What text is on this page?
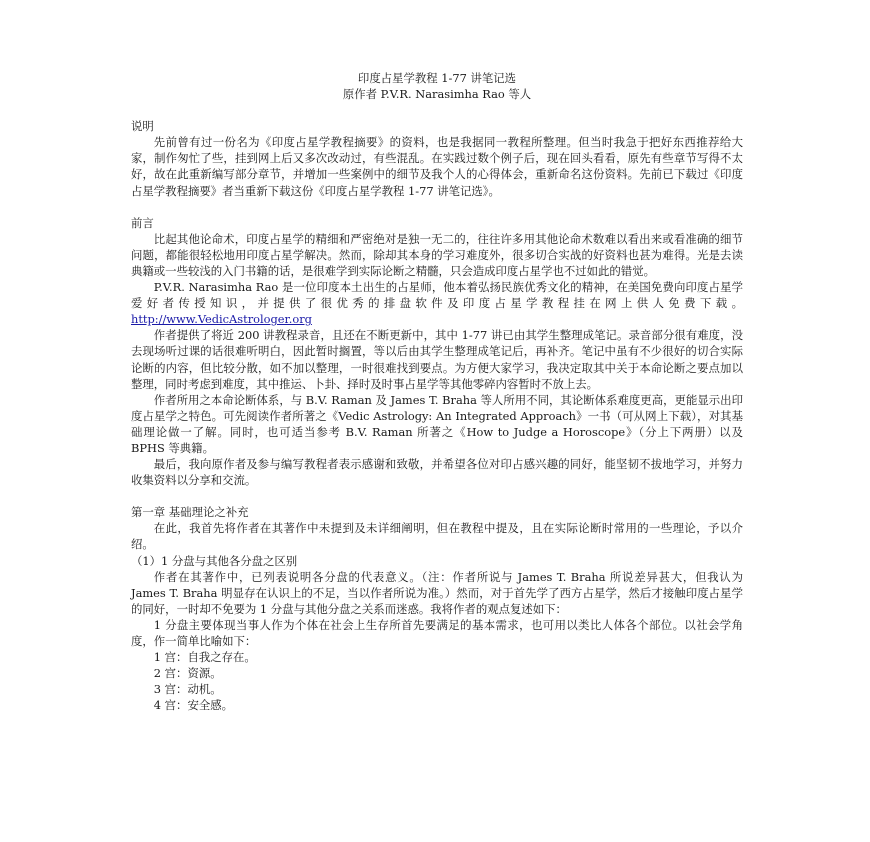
印度占星学教程 1-77 讲笔记选
原作者 P.V.R. Narasimha Rao 等人
说明

先前曾有过一份名为《印度占星学教程摘要》的资料，也是我据同一教程所整理。但当时我急于把好东西推荐给大家，制作匆忙了些，挂到网上后又多次改动过，有些混乱。在实践过数个例子后，现在回头看看，原先有些章节写得不太好，故在此重新编写部分章节，并增加一些案例中的细节及我个人的心得体会，重新命名这份资料。先前已下载过《印度占星学教程摘要》者当重新下载这份《印度占星学教程 1-77 讲笔记选》。

前言

比起其他论命术，印度占星学的精细和严密绝对是独一无二的，往往许多用其他论命术数难以看出来或看准确的细节问题，都能很轻松地用印度占星学解决。然而，除却其本身的学习难度外，很多切合实战的好资料也甚为难得。光是去读典籍或一些较浅的入门书籍的话，是很难学到实际论断之精髓，只会造成印度占星学也不过如此的错觉。

P.V.R. Narasimha Rao 是一位印度本土出生的占星师，他本着弘扬民族优秀文化的精神，在美国免费向印度占星学爱好者传授知识，并提供了很优秀的排盘软件及印度占星学教程挂在网上供人免费下载。http://www.VedicAstrologer.org

作者提供了将近 200 讲教程录音，且还在不断更新中，其中 1-77 讲已由其学生整理成笔记。录音部分很有难度，没去现场听过课的话很难听明白，因此暂时搁置，等以后由其学生整理成笔记后，再补齐。笔记中虽有不少很好的切合实际论断的内容，但比较分散，如不加以整理，一时很难找到要点。为方便大家学习，我决定取其中关于本命论断之要点加以整理，同时考虑到难度，其中推运、卜卦、择时及时事占星学等其他零碎内容暂时不放上去。

作者所用之本命论断体系，与 B.V. Raman 及 James T. Braha 等人所用不同，其论断体系难度更高，更能显示出印度占星学之特色。可先阅读作者所著之《Vedic Astrology: An Integrated Approach》一书（可从网上下载），对其基础理论做一了解。同时，也可适当参考 B.V. Raman 所著之《How to Judge a Horoscope》（分上下两册）以及 BPHS 等典籍。

最后，我向原作者及参与编写教程者表示感谢和致敬，并希望各位对印占感兴趣的同好，能坚韧不拔地学习，并努力收集资料以分享和交流。

第一章 基础理论之补充

在此，我首先将作者在其著作中未提到及未详细阐明，但在教程中提及，且在实际论断时常用的一些理论，予以介绍。

（1）1 分盘与其他各分盘之区别

作者在其著作中，已列表说明各分盘的代表意义。（注：作者所说与 James T. Braha 所说差异甚大，但我认为 James T. Braha 明显存在认识上的不足，当以作者所说为准。）然而，对于首先学了西方占星学，然后才接触印度占星学的同好，一时却不免要为 1 分盘与其他分盘之关系而迷惑。我将作者的观点复述如下：

1 分盘主要体现当事人作为个体在社会上生存所首先要满足的基本需求，也可用以类比人体各个部位。以社会学角度，作一简单比喻如下：

1 宫：自我之存在。
2 宫：资源。
3 宫：动机。
4 宫：安全感。
